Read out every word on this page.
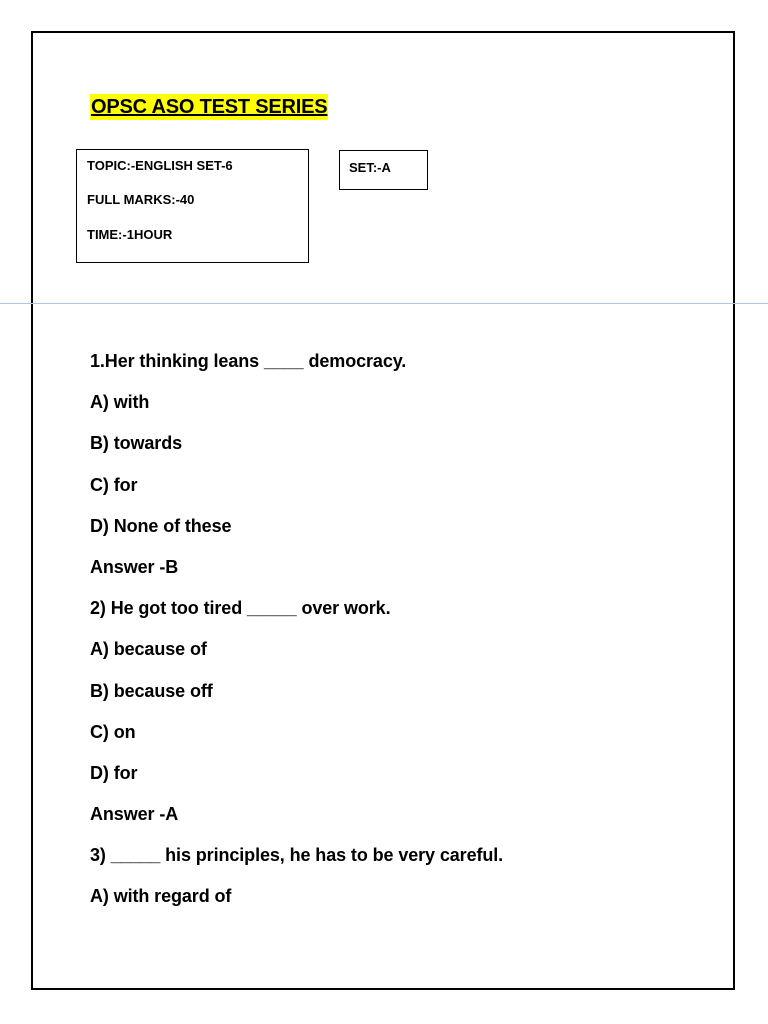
OPSC ASO TEST SERIES
TOPIC:-ENGLISH SET-6
FULL MARKS:-40
TIME:-1HOUR
SET:-A
1.Her thinking leans ____ democracy.
A) with
B) towards
C) for
D) None of these
Answer -B
2) He got too tired _____ over work.
A) because of
B) because off
C) on
D) for
Answer -A
3) _____ his principles, he has to be very careful.
A) with regard of
